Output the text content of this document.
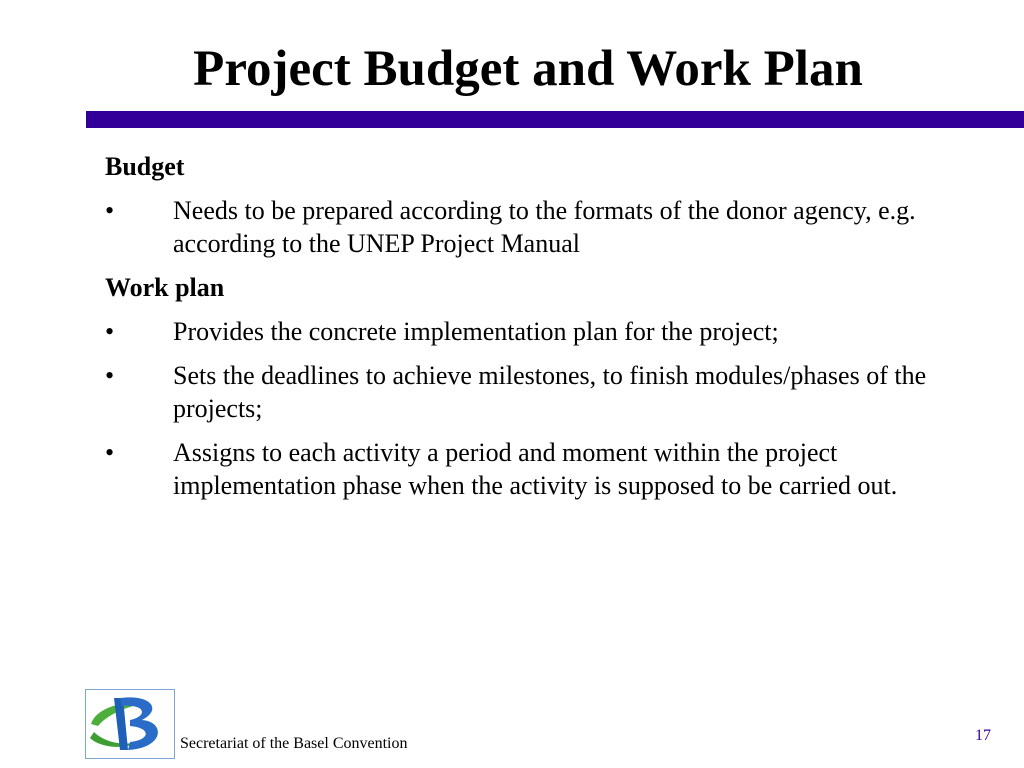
Project Budget and Work Plan
Budget
• Needs to be prepared according to the formats of the donor agency, e.g. according to the UNEP Project Manual
Work plan
• Provides the concrete implementation plan for the project;
• Sets the deadlines to achieve milestones, to finish modules/phases of the projects;
• Assigns to each activity a period and moment within the project implementation phase when the activity is supposed to be carried out.
Secretariat of the Basel Convention	17
